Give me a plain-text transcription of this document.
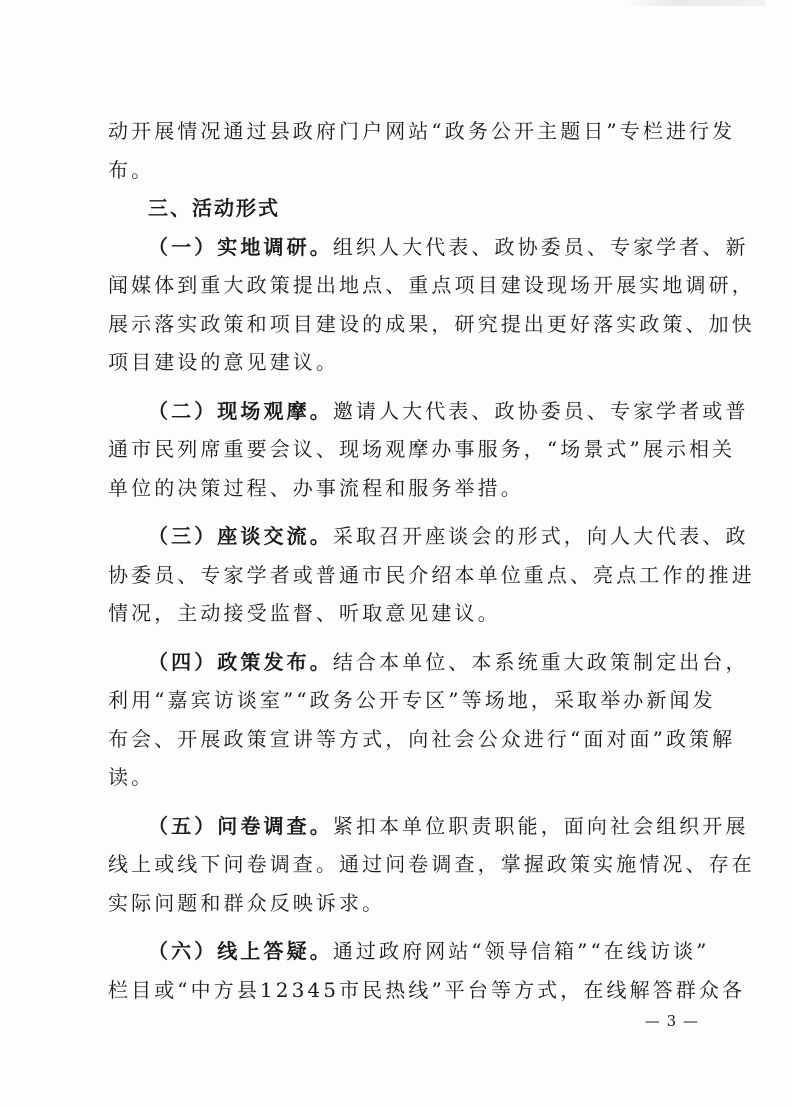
动开展情况通过县政府门户网站“政务公开主题日”专栏进行发
布。
三、活动形式
（一）实地调研。组织人大代表、政协委员、专家学者、新
闻媒体到重大政策提出地点、重点项目建设现场开展实地调研，
展示落实政策和项目建设的成果，研究提出更好落实政策、加快
项目建设的意见建议。
（二）现场观摩。邀请人大代表、政协委员、专家学者或普
通市民列席重要会议、现场观摩办事服务，“场景式”展示相关
单位的决策过程、办事流程和服务举措。
（三）座谈交流。采取召开座谈会的形式，向人大代表、政
协委员、专家学者或普通市民介绍本单位重点、亮点工作的推进
情况，主动接受监督、听取意见建议。
（四）政策发布。结合本单位、本系统重大政策制定出台，
利用“嘉宾访谈室”“政务公开专区”等场地，采取举办新闻发
布会、开展政策宣讲等方式，向社会公众进行“面对面”政策解
读。
（五）问卷调查。紧扣本单位职责职能，面向社会组织开展
线上或线下问卷调查。通过问卷调查，掌握政策实施情况、存在
实际问题和群众反映诉求。
（六）线上答疑。通过政府网站“领导信箱”“在线访谈”
栏目或“中方县12345市民热线”平台等方式，在线解答群众各
— 3 —
